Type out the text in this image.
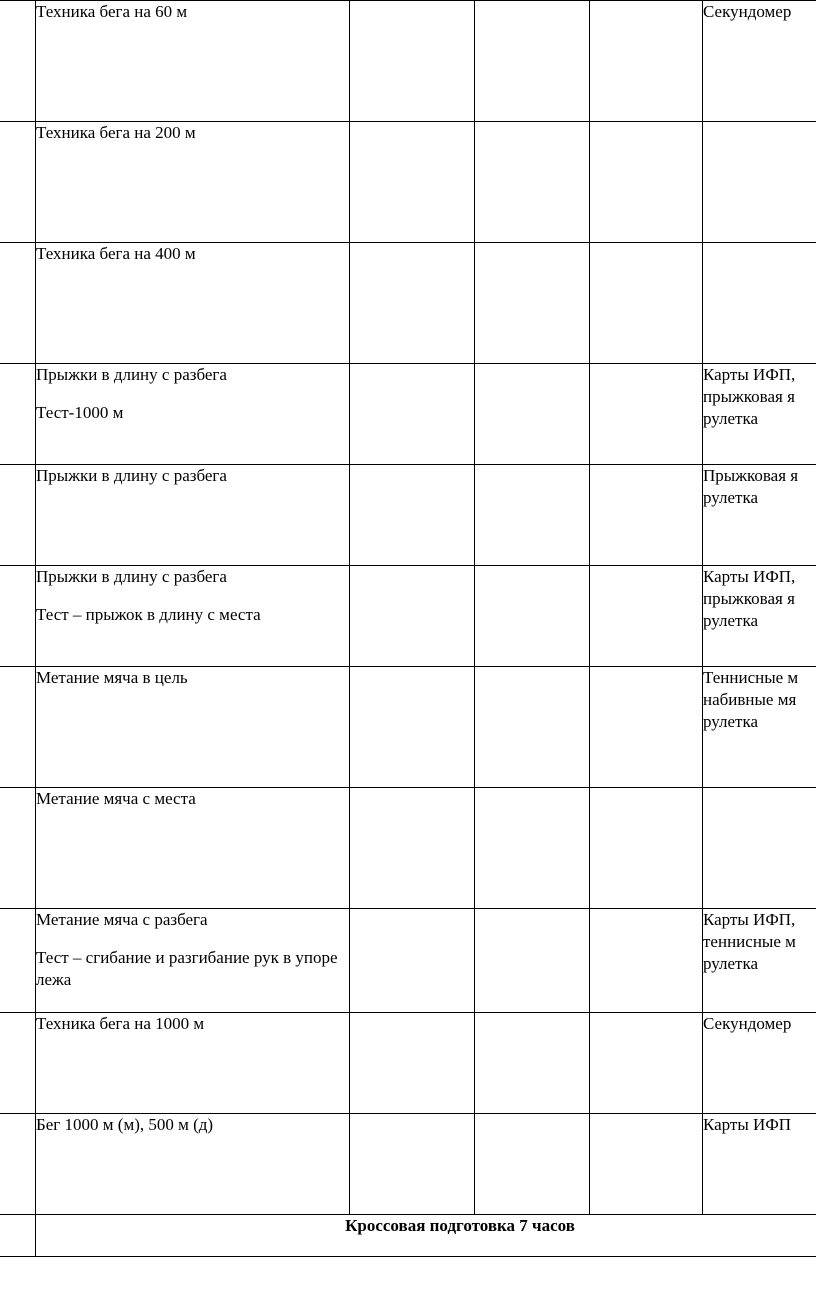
	Техника бега на 60 м				Секундомер

	Техника бега на 200 м				

	Техника бега на 400 м				

	Прыжки в длину с разбега
Тест-1000 м				Карты ИФП,
прыжковая я
рулетка

	Прыжки в длину с разбега				Прыжковая я
рулетка

	Прыжки в длину с разбега
Тест – прыжок в длину с места				Карты ИФП,
прыжковая я
рулетка

	Метание мяча в цель				Теннисные м
набивные мя
рулетка

	Метание мяча с места				

	Метание мяча с разбега
Тест – сгибание и разгибание рук в упоре лежа				Карты ИФП,
теннисные м
рулетка

	Техника бега на 1000 м				Секундомер

	Бег 1000 м (м), 500 м (д)				Карты ИФП

	Кроссовая подготовка 7 часов				
